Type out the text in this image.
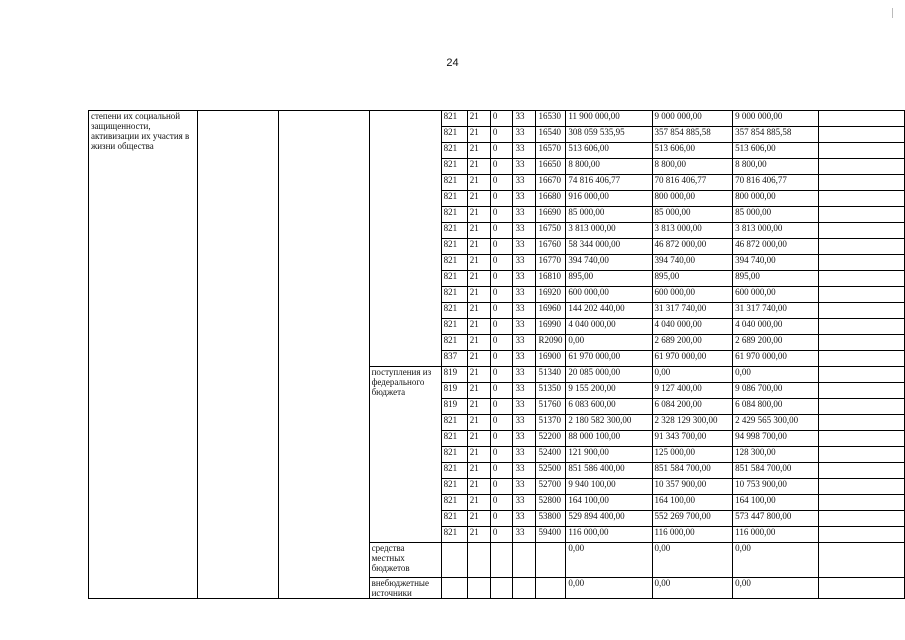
24
степени их социальной защищенности, активизации их участия в жизни общества				821	21	0	33	16530	11 900 000,00	9 000 000,00	9 000 000,00	
				821	21	0	33	16540	308 059 535,95	357 854 885,58	357 854 885,58	
				821	21	0	33	16570	513 606,00	513 606,00	513 606,00	
				821	21	0	33	16650	8 800,00	8 800,00	8 800,00	
				821	21	0	33	16670	74 816 406,77	70 816 406,77	70 816 406,77	
				821	21	0	33	16680	916 000,00	800 000,00	800 000,00	
				821	21	0	33	16690	85 000,00	85 000,00	85 000,00	
				821	21	0	33	16750	3 813 000,00	3 813 000,00	3 813 000,00	
				821	21	0	33	16760	58 344 000,00	46 872 000,00	46 872 000,00	
				821	21	0	33	16770	394 740,00	394 740,00	394 740,00	
				821	21	0	33	16810	895,00	895,00	895,00	
				821	21	0	33	16920	600 000,00	600 000,00	600 000,00	
				821	21	0	33	16960	144 202 440,00	31 317 740,00	31 317 740,00	
				821	21	0	33	16990	4 040 000,00	4 040 000,00	4 040 000,00	
				821	21	0	33	R2090	0,00	2 689 200,00	2 689 200,00	
				837	21	0	33	16900	61 970 000,00	61 970 000,00	61 970 000,00	
			поступления из федерального бюджета	819	21	0	33	51340	20 085 000,00	0,00	0,00	
				819	21	0	33	51350	9 155 200,00	9 127 400,00	9 086 700,00	
				819	21	0	33	51760	6 083 600,00	6 084 200,00	6 084 800,00	
				821	21	0	33	51370	2 180 582 300,00	2 328 129 300,00	2 429 565 300,00	
				821	21	0	33	52200	88 000 100,00	91 343 700,00	94 998 700,00	
				821	21	0	33	52400	121 900,00	125 000,00	128 300,00	
				821	21	0	33	52500	851 586 400,00	851 584 700,00	851 584 700,00	
				821	21	0	33	52700	9 940 100,00	10 357 900,00	10 753 900,00	
				821	21	0	33	52800	164 100,00	164 100,00	164 100,00	
				821	21	0	33	53800	529 894 400,00	552 269 700,00	573 447 800,00	
				821	21	0	33	59400	116 000,00	116 000,00	116 000,00	
			средства местных бюджетов						0,00	0,00	0,00	
			внебюджетные источники						0,00	0,00	0,00	
